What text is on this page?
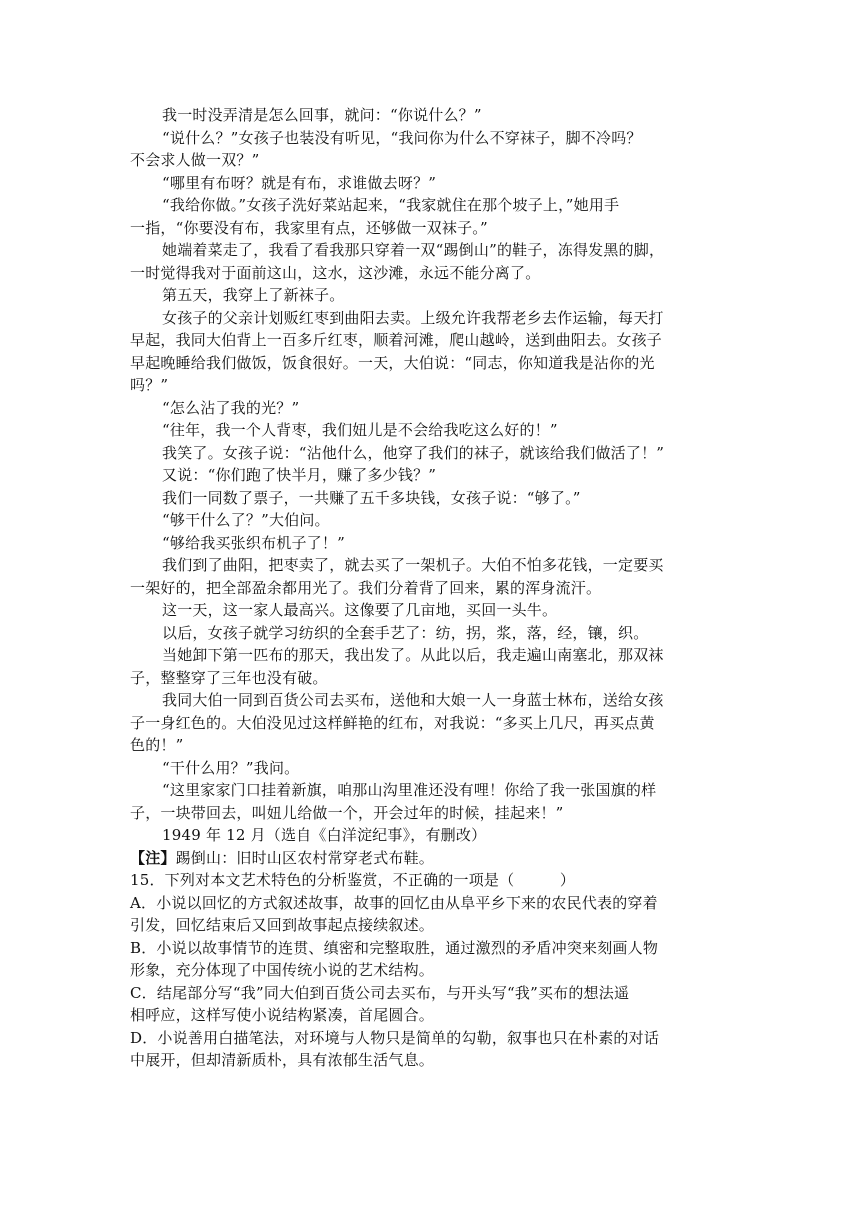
我一时没弄清是怎么回事，就问：“你说什么？”
“说什么？”女孩子也装没有听见，“我问你为什么不穿袜子，脚不冷吗？
不会求人做一双？”
“哪里有布呀？就是有布，求谁做去呀？”
“我给你做。”女孩子洗好菜站起来，“我家就住在那个坡子上，”她用手
一指，“你要没有布，我家里有点，还够做一双袜子。”
她端着菜走了，我看了看我那只穿着一双“踢倒山”的鞋子，冻得发黑的脚，
一时觉得我对于面前这山，这水，这沙滩，永远不能分离了。
第五天，我穿上了新袜子。
女孩子的父亲计划贩红枣到曲阳去卖。上级允许我帮老乡去作运输，每天打
早起，我同大伯背上一百多斤红枣，顺着河滩，爬山越岭，送到曲阳去。女孩子
早起晚睡给我们做饭，饭食很好。一天，大伯说：“同志，你知道我是沾你的光
吗？”
“怎么沾了我的光？”
“往年，我一个人背枣，我们妞儿是不会给我吃这么好的！”
我笑了。女孩子说：“沾他什么，他穿了我们的袜子，就该给我们做活了！”
又说：“你们跑了快半月，赚了多少钱？”
我们一同数了票子，一共赚了五千多块钱，女孩子说：“够了。”
“够干什么了？”大伯问。
“够给我买张织布机子了！”
我们到了曲阳，把枣卖了，就去买了一架机子。大伯不怕多花钱，一定要买
一架好的，把全部盈余都用光了。我们分着背了回来，累的浑身流汗。
这一天，这一家人最高兴。这像要了几亩地，买回一头牛。
以后，女孩子就学习纺织的全套手艺了：纺，拐，浆，落，经，镶，织。
当她卸下第一匹布的那天，我出发了。从此以后，我走遍山南塞北，那双袜
子，整整穿了三年也没有破。
我同大伯一同到百货公司去买布，送他和大娘一人一身蓝士林布，送给女孩
子一身红色的。大伯没见过这样鲜艳的红布，对我说：“多买上几尺，再买点黄
色的！”
“干什么用？”我问。
“这里家家门口挂着新旗，咱那山沟里准还没有哩！你给了我一张国旗的样
子，一块带回去，叫妞儿给做一个，开会过年的时候，挂起来！”
1949 年 12 月（选自《白洋淀纪事》，有删改）
【注】踢倒山：旧时山区农村常穿老式布鞋。
15．下列对本文艺术特色的分析鉴赏，不正确的一项是（　　　）
A．小说以回忆的方式叙述故事，故事的回忆由从阜平乡下来的农民代表的穿着
引发，回忆结束后又回到故事起点接续叙述。
B．小说以故事情节的连贯、缜密和完整取胜，通过激烈的矛盾冲突来刻画人物
形象，充分体现了中国传统小说的艺术结构。
C．结尾部分写“我”同大伯到百货公司去买布，与开头写“我”买布的想法遥
相呼应，这样写使小说结构紧凑，首尾圆合。
D．小说善用白描笔法，对环境与人物只是简单的勾勒，叙事也只在朴素的对话
中展开，但却清新质朴，具有浓郁生活气息。
